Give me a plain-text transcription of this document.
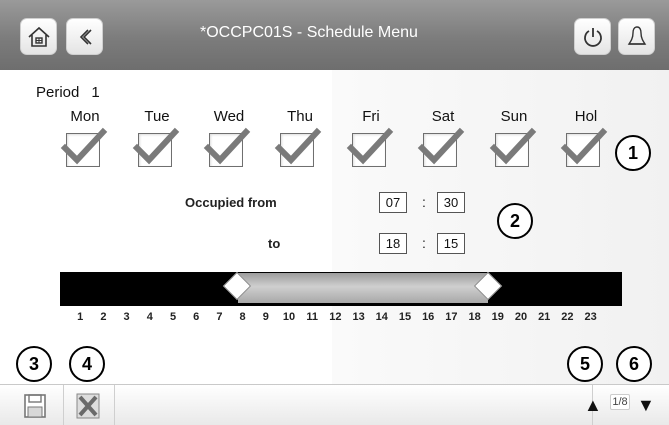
*OCCPC01S - Schedule Menu
Period 1
Mon	Tue	Wed	Thu	Fri	Sat	Sun	Hol
Occupied from	07	:	30
to	18	:	15
1	2	3	4	5	6	7	8	9	10	11	12 13 14 15 16 17 18 19 20 21 22 23
▲ 1/8 ▼
1
2
3	4	5	6
